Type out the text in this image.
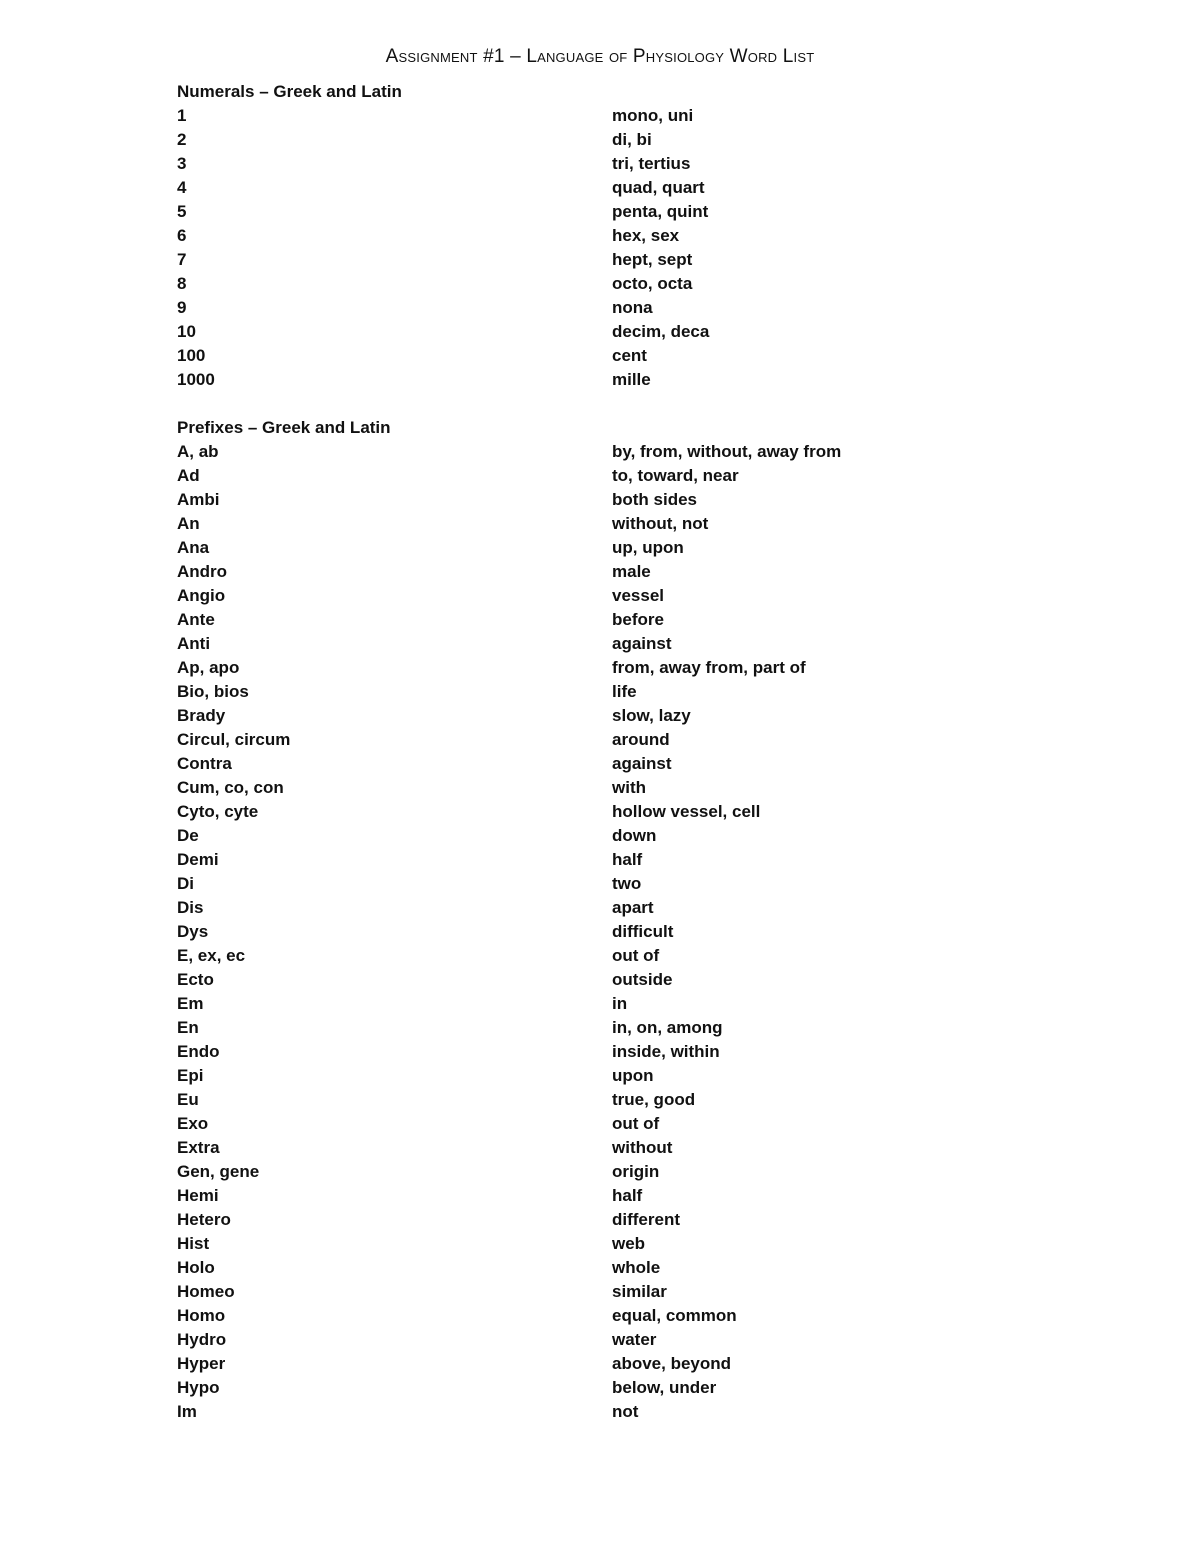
Assignment #1 – Language of Physiology Word List
Numerals – Greek and Latin
1	mono, uni
2	di, bi
3	tri, tertius
4	quad, quart
5	penta, quint
6	hex, sex
7	hept, sept
8	octo, octa
9	nona
10	decim, deca
100	cent
1000	mille
Prefixes – Greek and Latin
A, ab	by, from, without, away from
Ad	to, toward, near
Ambi	both sides
An	without, not
Ana	up, upon
Andro	male
Angio	vessel
Ante	before
Anti	against
Ap, apo	from, away from, part of
Bio, bios	life
Brady	slow, lazy
Circul, circum	around
Contra	against
Cum, co, con	with
Cyto, cyte	hollow vessel, cell
De	down
Demi	half
Di	two
Dis	apart
Dys	difficult
E, ex, ec	out of
Ecto	outside
Em	in
En	in, on, among
Endo	inside, within
Epi	upon
Eu	true, good
Exo	out of
Extra	without
Gen, gene	origin
Hemi	half
Hetero	different
Hist	web
Holo	whole
Homeo	similar
Homo	equal, common
Hydro	water
Hyper	above, beyond
Hypo	below, under
Im	not
